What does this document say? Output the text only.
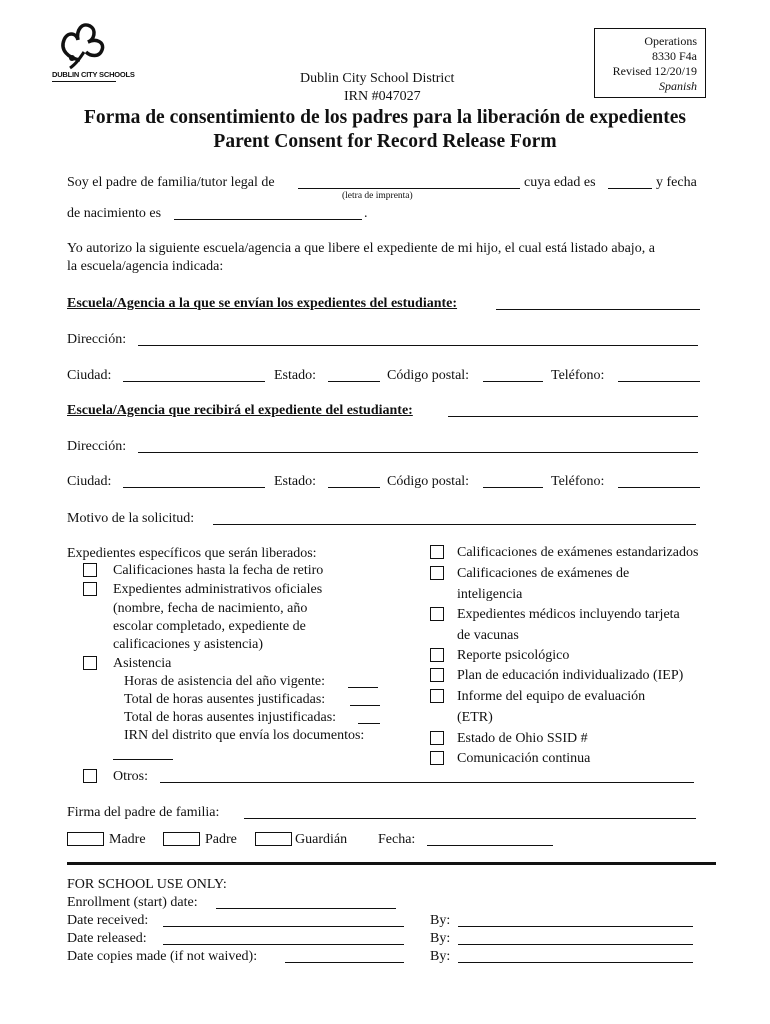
DUBLIN CITY SCHOOLS	Dublin City School District
IRN #047027
Operations
8330 F4a
Revised 12/20/19
Spanish
Forma de consentimiento de los padres para la liberación de expedientes
Parent Consent for Record Release Form
Soy el padre de familia/tutor legal de	cuya edad es	y fecha
(letra de imprenta)
de nacimiento es	.
Yo autorizo la siguiente escuela/agencia a que libere el expediente de mi hijo, el cual está listado abajo, a
la escuela/agencia indicada:
Escuela/Agencia a la que se envían los expedientes del estudiante:
Dirección:
Ciudad:	Estado:	Código postal:	Teléfono:
Escuela/Agencia que recibirá el expediente del estudiante:
Dirección:
Ciudad:	Estado:	Código postal:	Teléfono:
Motivo de la solicitud:
Expedientes específicos que serán liberados:
Calificaciones hasta la fecha de retiro
Expedientes administrativos oficiales
(nombre, fecha de nacimiento, año
escolar completado, expediente de
calificaciones y asistencia)
Asistencia
Horas de asistencia del año vigente:
Total de horas ausentes justificadas:
Total de horas ausentes injustificadas:
IRN del distrito que envía los documentos:
Otros:
Calificaciones de exámenes estandarizados
Calificaciones de exámenes de
inteligencia
Expedientes médicos incluyendo tarjeta
de vacunas
Reporte psicológico
Plan de educación individualizado (IEP)
Informe del equipo de evaluación
(ETR)
Estado de Ohio SSID #
Comunicación continua
Firma del padre de familia:
Madre	Padre	Guardián Fecha:
FOR SCHOOL USE ONLY:
Enrollment (start) date:
Date received:	By:
Date released:	By:
Date copies made (if not waived):	By:
